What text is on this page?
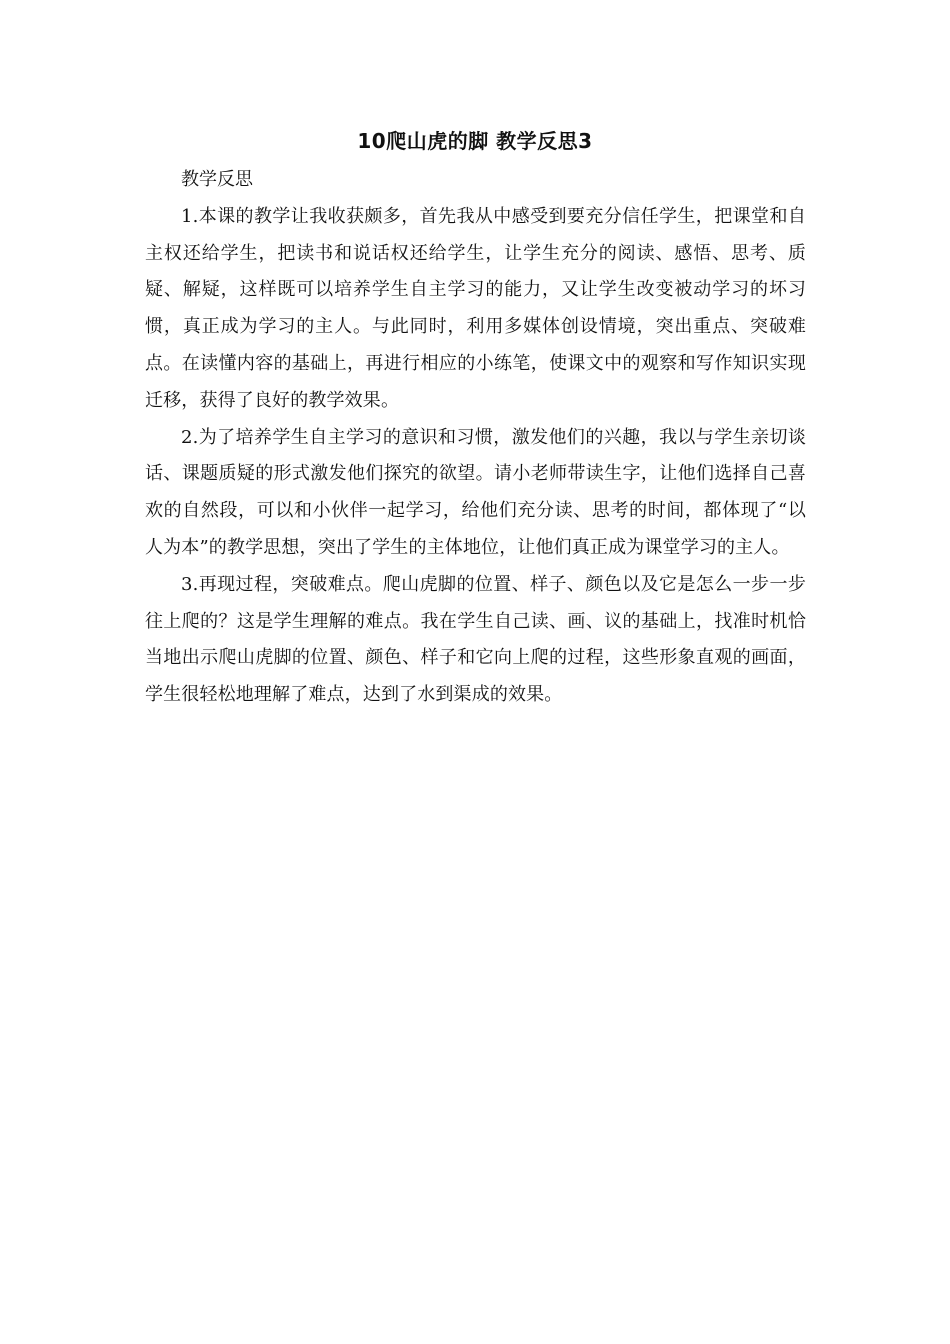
10爬山虎的脚 教学反思3

教学反思

1.本课的教学让我收获颇多，首先我从中感受到要充分信任学生，把课堂和自主权还给学生，把读书和说话权还给学生，让学生充分的阅读、感悟、思考、质疑、解疑，这样既可以培养学生自主学习的能力，又让学生改变被动学习的坏习惯，真正成为学习的主人。与此同时，利用多媒体创设情境，突出重点、突破难点。在读懂内容的基础上，再进行相应的小练笔，使课文中的观察和写作知识实现迁移，获得了良好的教学效果。

2.为了培养学生自主学习的意识和习惯，激发他们的兴趣，我以与学生亲切谈话、课题质疑的形式激发他们探究的欲望。请小老师带读生字，让他们选择自己喜欢的自然段，可以和小伙伴一起学习，给他们充分读、思考的时间，都体现了“以人为本”的教学思想，突出了学生的主体地位，让他们真正成为课堂学习的主人。

3.再现过程，突破难点。爬山虎脚的位置、样子、颜色以及它是怎么一步一步往上爬的？这是学生理解的难点。我在学生自己读、画、议的基础上，找准时机恰当地出示爬山虎脚的位置、颜色、样子和它向上爬的过程，这些形象直观的画面，学生很轻松地理解了难点，达到了水到渠成的效果。
